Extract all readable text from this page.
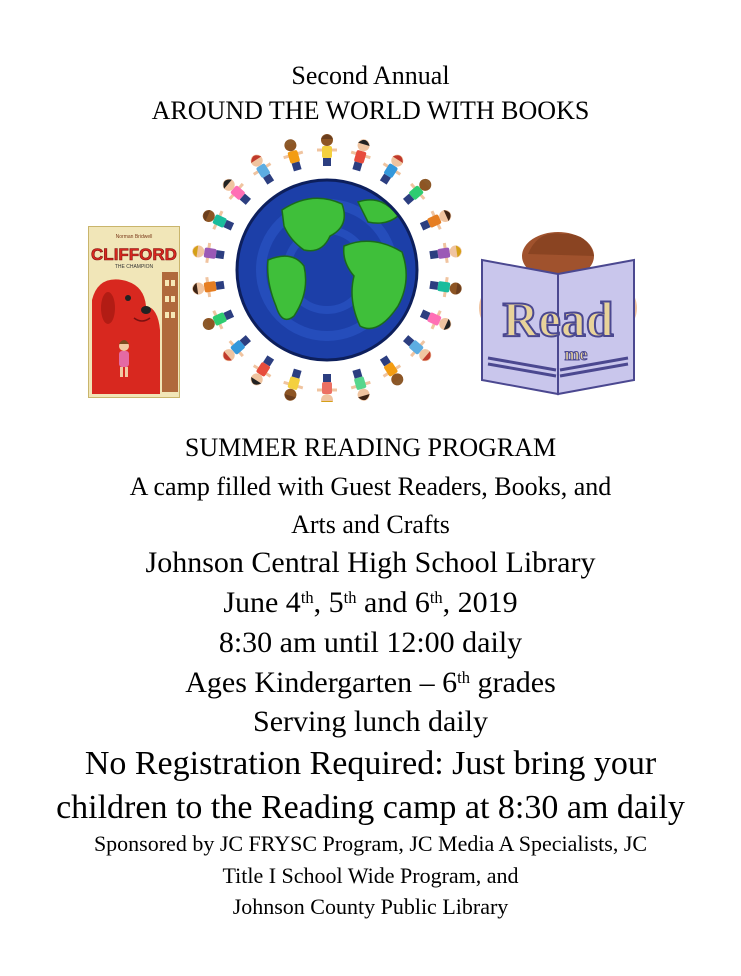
Second Annual
AROUND THE WORLD WITH BOOKS
Norman Bridwell
CLIFFORD
THE CHAMPION
Read
me
SUMMER READING PROGRAM
A camp filled with Guest Readers, Books, and
Arts and Crafts
Johnson Central High School Library
June 4th, 5th and 6th, 2019
8:30 am until 12:00 daily
Ages Kindergarten – 6th grades
Serving lunch daily
No Registration Required: Just bring your
children to the Reading camp at 8:30 am daily
Sponsored by JC FRYSC Program, JC Media A Specialists, JC
Title I School Wide Program, and
Johnson County Public Library
